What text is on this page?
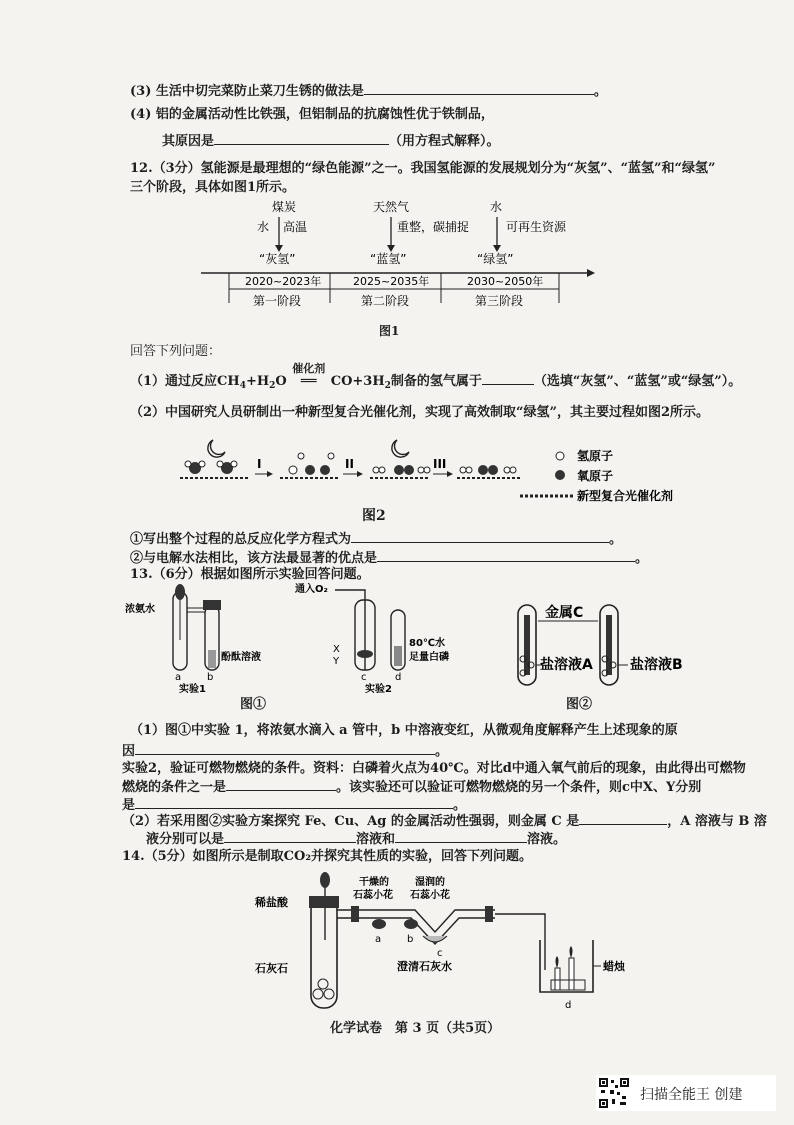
(3) 生活中切完菜防止菜刀生锈的做法是	。
(4) 铝的金属活动性比铁强，但铝制品的抗腐蚀性优于铁制品，
其原因是	（用方程式解释）。
12.（3分）氢能源是最理想的“绿色能源”之一。我国氢能源的发展规划分为“灰氢”、“蓝氢”和“绿氢”
三个阶段，具体如图1所示。
煤炭
水 高温
“灰氢”
天然气
重整，碳捕捉
“蓝氢”
水
可再生资源
“绿氢”
2020~2023年	2025~2035年	2030~2050年
第一阶段	第二阶段	第三阶段
图1
回答下列问题：
（1）通过反应$CH_4+H_2O$
催化剂
══ $CO+3H_2$制备的氢气属于	（选填“灰氢”、“蓝氢”或“绿氢”）。
（2）中国研究人员研制出一种新型复合光催化剂，实现了高效制取“绿氢”，其主要过程如图2所示。
I	II	III
氢原子
氧原子
新型复合光催化剂
图2
①写出整个过程的总反应化学方程式为	。
②与电解水法相比，该方法最显著的优点是	。
13.（6分）根据如图所示实验回答问题。
浓氨水
酚酞溶液
a	b
实验1
通入O₂
X
Y
80℃水
足量白磷
c	d
实验2
图①
金属C
盐溶液A	盐溶液B
图②
（1）图①中实验 1，将浓氨水滴入 a 管中，b 中溶液变红，从微观角度解释产生上述现象的原
因	。
实验2，验证可燃物燃烧的条件。资料：白磷着火点为40℃。对比d中通入氧气前后的现象，由此得出可燃物
燃烧的条件之一是	。该实验还可以验证可燃物燃烧的另一个条件，则c中X、Y分别
是	。
（2）若采用图②实验方案探究 Fe、Cu、Ag 的金属活动性强弱，则金属 C 是	，A 溶液与 B 溶
液分别可以是	溶液和	溶液。
14.（5分）如图所示是制取CO₂并探究其性质的实验，回答下列问题。
稀盐酸
石灰石
干燥的
石蕊小花
湿润的
石蕊小花
a	b
c
澄清石灰水	蜡烛
d
化学试卷　第 3 页（共5页）
扫描全能王 创建
